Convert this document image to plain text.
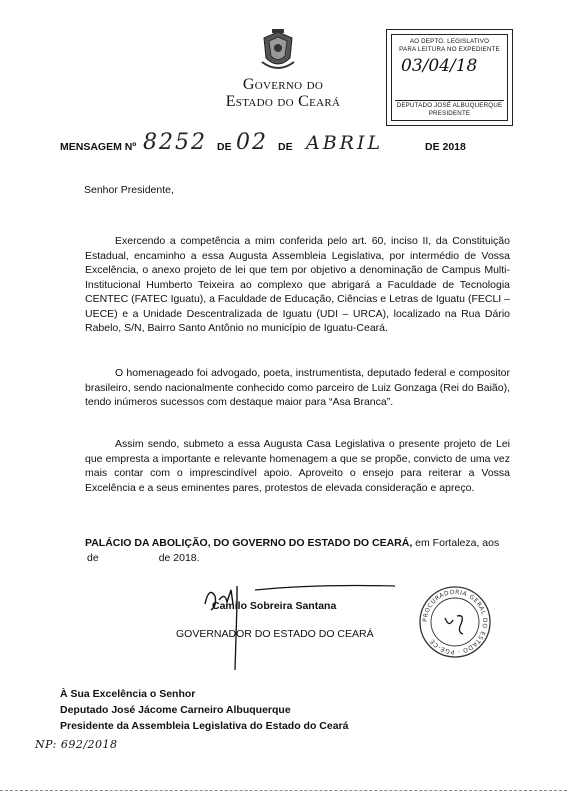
Governo do
Estado do Ceará
AO DEPTO. LEGISLATIVO
PARA LEITURA NO EXPEDIENTE
03/04/18
DEPUTADO JOSÉ ALBUQUERQUE
PRESIDENTE
MENSAGEM Nº 8252 DE 02 DE ABRIL	DE 2018
Senhor Presidente,
Exercendo a competência a mim conferida pelo art. 60, inciso II, da Constituição Estadual, encaminho a essa Augusta Assembleia Legislativa, por intermédio de Vossa Excelência, o anexo projeto de lei que tem por objetivo a denominação de Campus Multi-Institucional Humberto Teixeira ao complexo que abrigará a Faculdade de Tecnologia CENTEC (FATEC Iguatu), a Faculdade de Educação, Ciências e Letras de Iguatu (FECLI – UECE) e a Unidade Descentralizada de Iguatu (UDI – URCA), localizado na Rua Dário Rabelo, S/N, Bairro Santo Antônio no município de Iguatu-Ceará.
O homenageado foi advogado, poeta, instrumentista, deputado federal e compositor brasileiro, sendo nacionalmente conhecido como parceiro de Luiz Gonzaga (Rei do Baião), tendo inúmeros sucessos com destaque maior para “Asa Branca”.
Assim sendo, submeto a essa Augusta Casa Legislativa o presente projeto de Lei que empresta a importante e relevante homenagem a que se propõe, convicto de uma vez mais contar com o imprescindível apoio. Aproveito o ensejo para reiterar a Vossa Excelência e a seus eminentes pares, protestos de elevada consideração e apreço.
PALÁCIO DA ABOLIÇÃO, DO GOVERNO DO ESTADO DO CEARÁ, em Fortaleza, aos
de	de 2018.
Camilo Sobreira Santana
GOVERNADOR DO ESTADO DO CEARÁ
PROCURADORIA GERAL DO ESTADO · PGE-CE
À Sua Excelência o Senhor
Deputado José Jácome Carneiro Albuquerque
Presidente da Assembleia Legislativa do Estado do Ceará
NP: 692/2018
